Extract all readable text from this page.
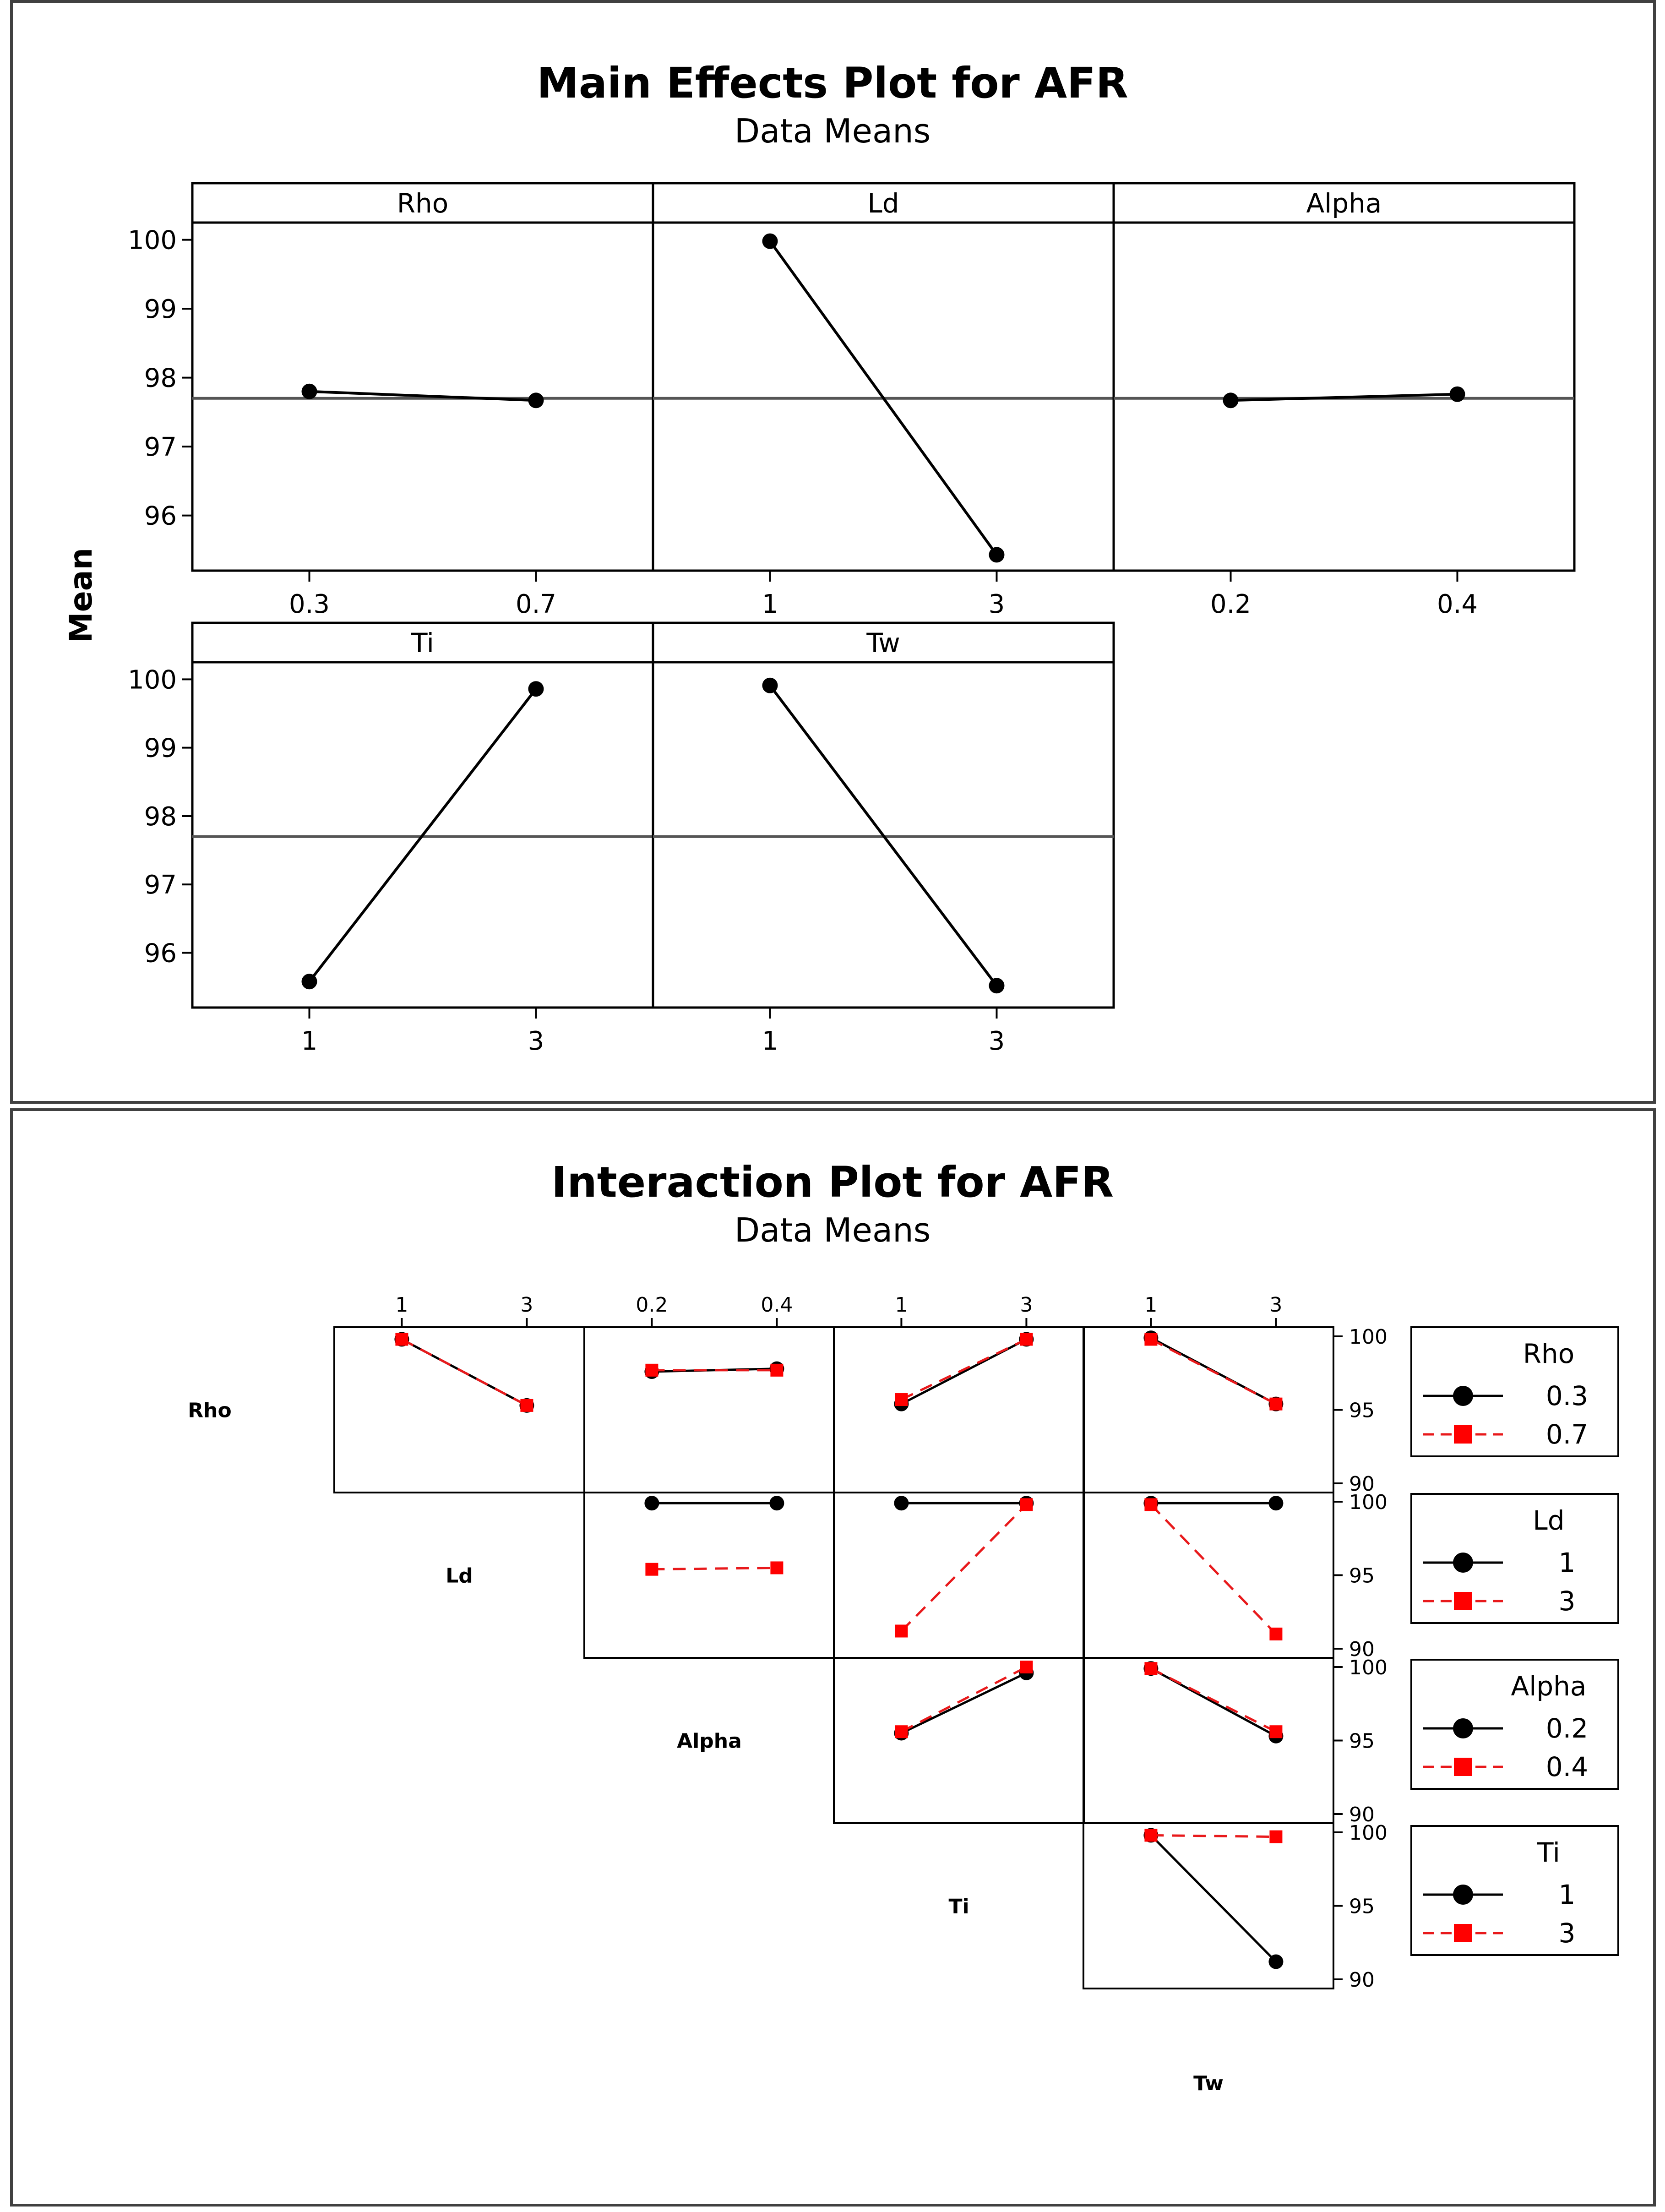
Main Effects Plot for AFR
Data Means
Interaction Plot for AFR
Data Means
Mean
Rho
96
97
98
99
100
0.3	0.7
Ld
1	3
Alpha
0.2	0.4
Ti
96
97
98
99
100
1	3
Tw
1	3
1	3	0.2	0.4	1	3	1	3
Rho
Ld
Alpha
Ti
Tw
90
95
100
90
95
100
90
95
100
90
95
100
Rho
0.3
0.7
Ld
1
3
Alpha
0.2
0.4
Ti
1
3
